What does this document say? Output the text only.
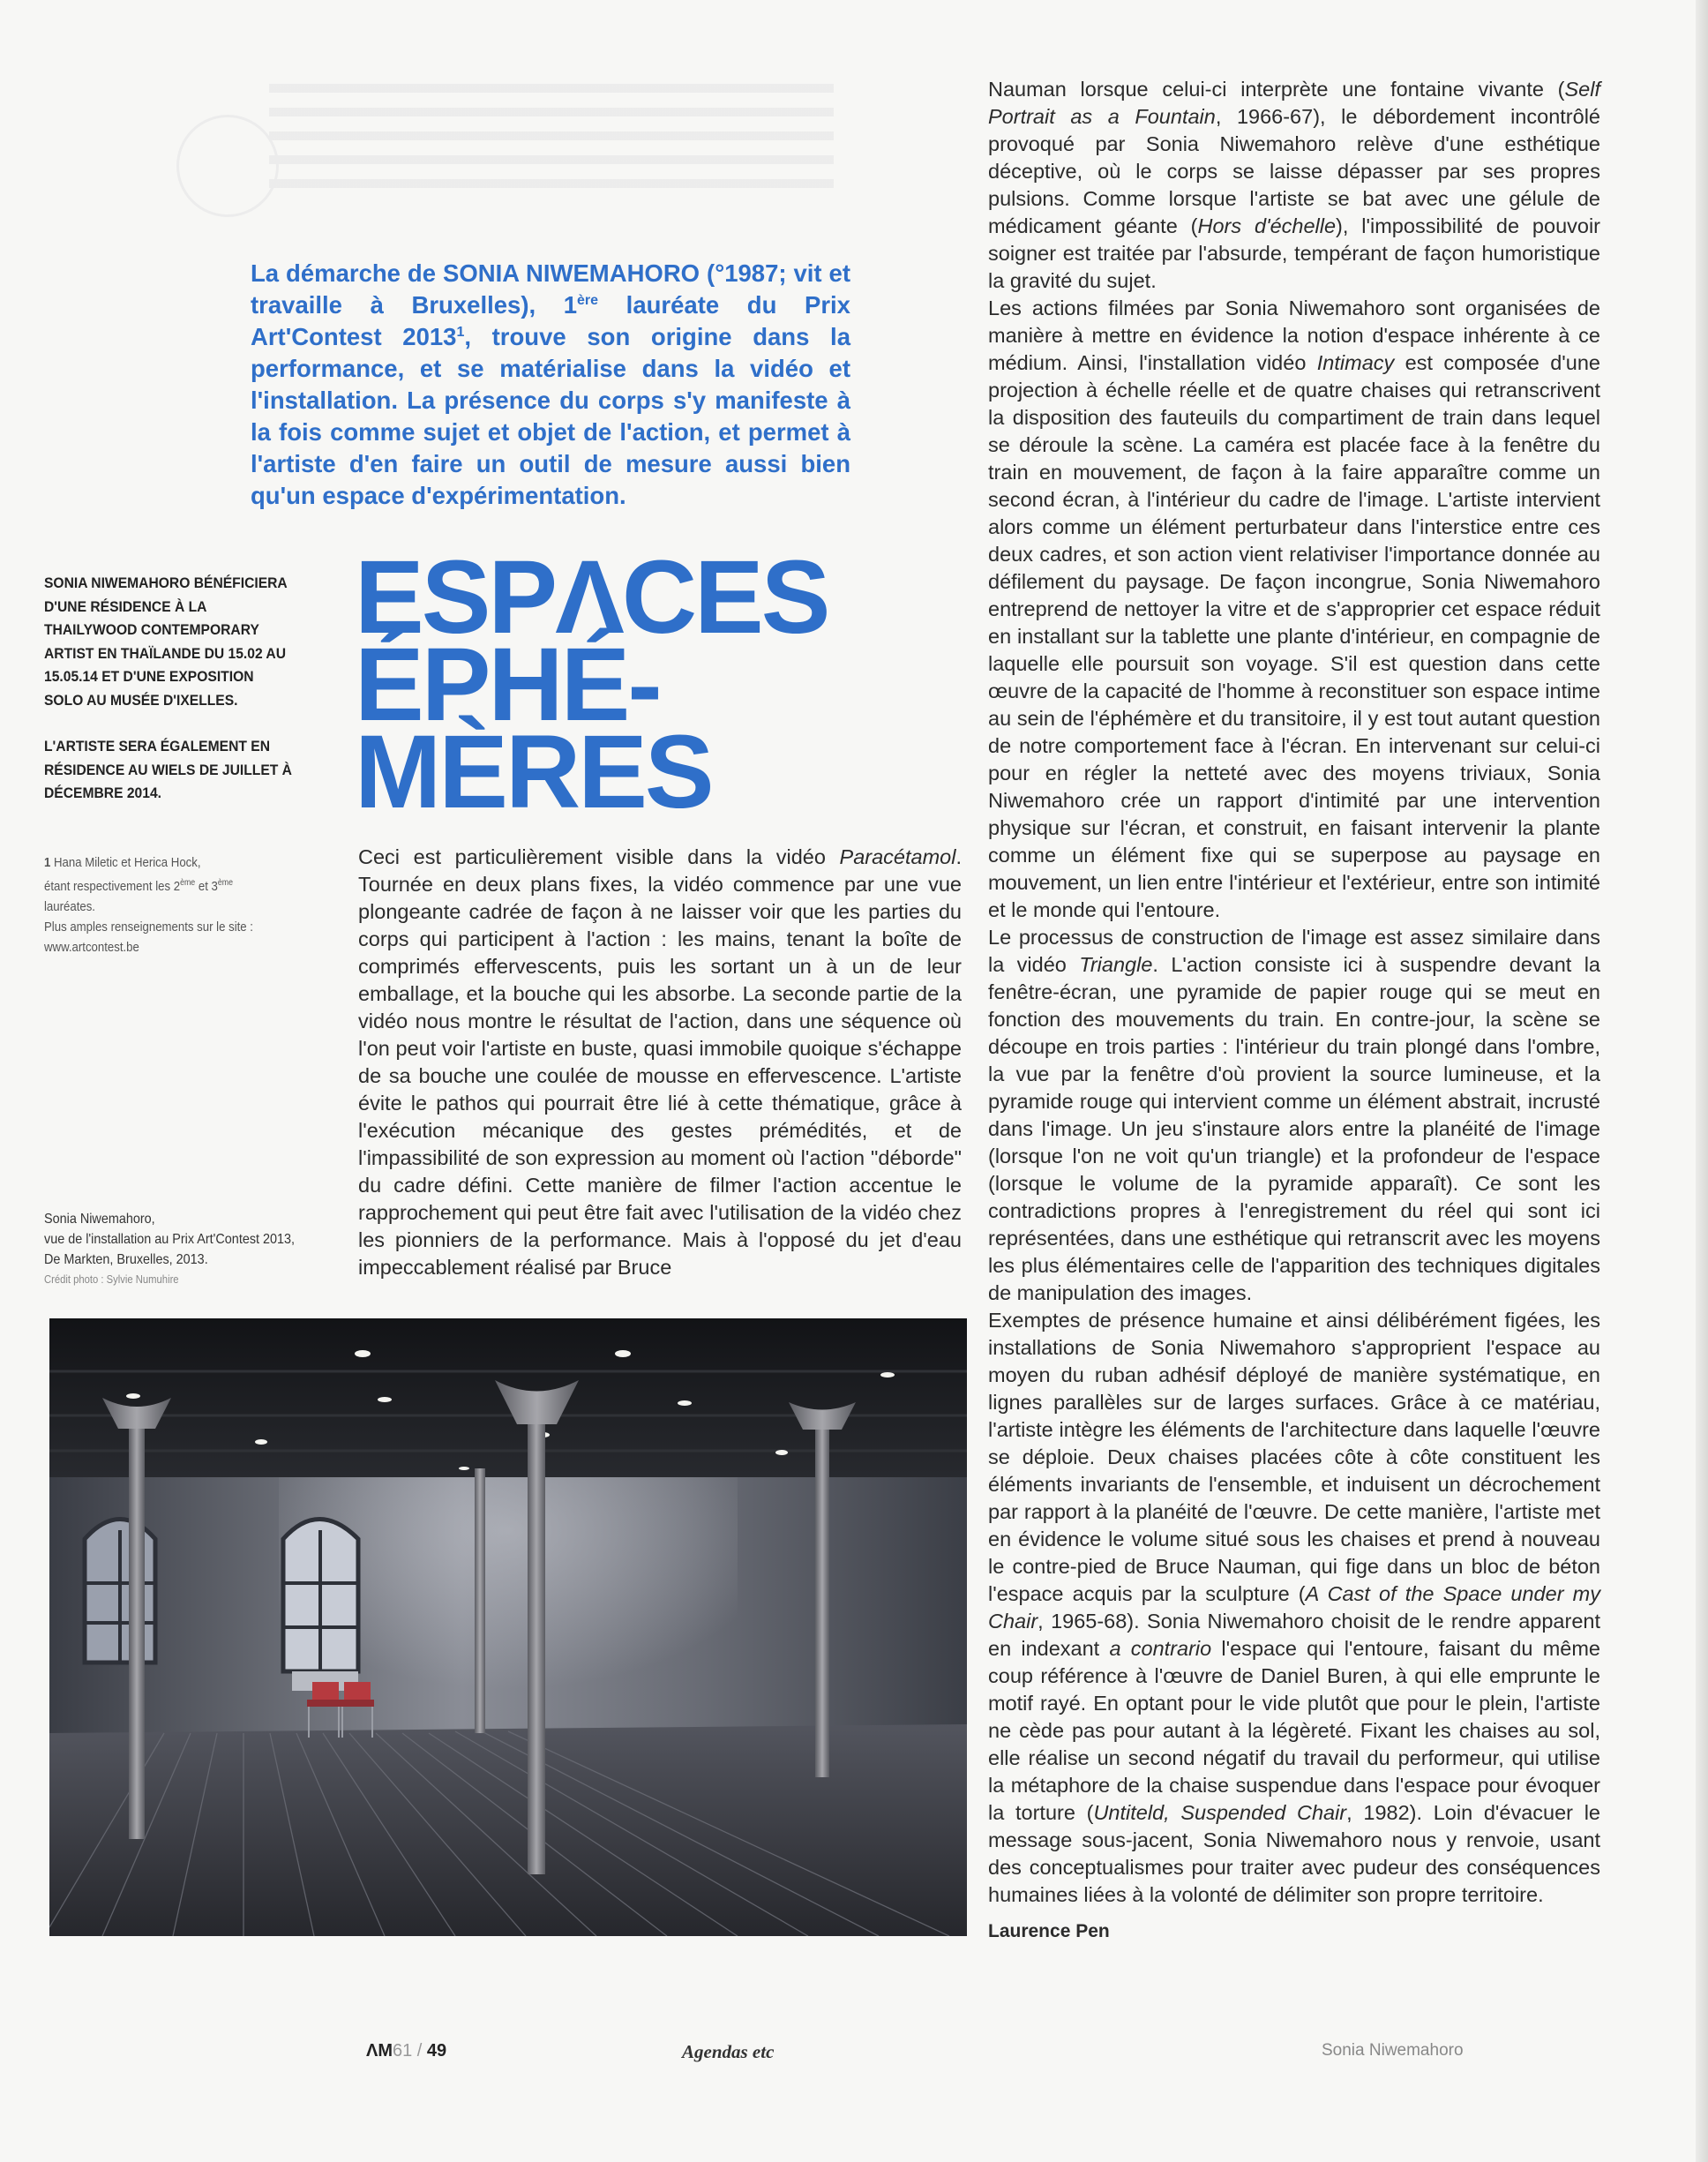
La démarche de SONIA NIWEMAHORO (°1987; vit et travaille à Bruxelles), 1ère lauréate du Prix Art'Contest 2013$^1$, trouve son origine dans la performance, et se matérialise dans la vidéo et l'installation. La présence du corps s'y manifeste à la fois comme sujet et objet de l'action, et permet à l'artiste d'en faire un outil de mesure aussi bien qu'un espace d'expérimentation.

SONIA NIWEMAHORO BÉNÉFICIERA D'UNE RÉSIDENCE À LA THAILYWOOD CONTEMPORARY ARTIST EN THAÏLANDE DU 15.02 AU 15.05.14 ET D'UNE EXPOSITION SOLO AU MUSÉE D'IXELLES.

L'ARTISTE SERA ÉGALEMENT EN RÉSIDENCE AU WIELS DE JUILLET À DÉCEMBRE 2014.

1 Hana Miletic et Herica Hock,

étant respectivement les 2ème et 3ème

lauréates.

Plus amples renseignements sur le site :

www.artcontest.be

ESPΛCES
ÉPHÉ-
MÈRES

Ceci est particulièrement visible dans la vidéo Paracétamol. Tournée en deux plans fixes, la vidéo commence par une vue plongeante cadrée de façon à ne laisser voir que les parties du corps qui participent à l'action : les mains, tenant la boîte de comprimés effervescents, puis les sortant un à un de leur emballage, et la bouche qui les absorbe. La seconde partie de la vidéo nous montre le résultat de l'action, dans une séquence où l'on peut voir l'artiste en buste, quasi immobile quoique s'échappe de sa bouche une coulée de mousse en effervescence. L'artiste évite le pathos qui pourrait être lié à cette thématique, grâce à l'exécution mécanique des gestes prémédités, et de l'impassibilité de son expression au moment où l'action "déborde" du cadre défini. Cette manière de filmer l'action accentue le rapprochement qui peut être fait avec l'utilisation de la vidéo chez les pionniers de la performance. Mais à l'opposé du jet d'eau impeccablement réalisé par Bruce

Nauman lorsque celui-ci interprète une fontaine vivante (Self Portrait as a Fountain, 1966-67), le débordement incontrôlé provoqué par Sonia Niwemahoro relève d'une esthétique déceptive, où le corps se laisse dépasser par ses propres pulsions. Comme lorsque l'artiste se bat avec une gélule de médicament géante (Hors d'échelle), l'impossibilité de pouvoir soigner est traitée par l'absurde, tempérant de façon humoristique la gravité du sujet.

Les actions filmées par Sonia Niwemahoro sont organisées de manière à mettre en évidence la notion d'espace inhérente à ce médium. Ainsi, l'installation vidéo Intimacy est composée d'une projection à échelle réelle et de quatre chaises qui retranscrivent la disposition des fauteuils du compartiment de train dans lequel se déroule la scène. La caméra est placée face à la fenêtre du train en mouvement, de façon à la faire apparaître comme un second écran, à l'intérieur du cadre de l'image. L'artiste intervient alors comme un élément perturbateur dans l'interstice entre ces deux cadres, et son action vient relativiser l'importance donnée au défilement du paysage. De façon incongrue, Sonia Niwemahoro entreprend de nettoyer la vitre et de s'approprier cet espace réduit en installant sur la tablette une plante d'intérieur, en compagnie de laquelle elle poursuit son voyage. S'il est question dans cette œuvre de la capacité de l'homme à reconstituer son espace intime au sein de l'éphémère et du transitoire, il y est tout autant question de notre comportement face à l'écran. En intervenant sur celui-ci pour en régler la netteté avec des moyens triviaux, Sonia Niwemahoro crée un rapport d'intimité par une intervention physique sur l'écran, et construit, en faisant intervenir la plante comme un élément fixe qui se superpose au paysage en mouvement, un lien entre l'intérieur et l'extérieur, entre son intimité et le monde qui l'entoure.

Le processus de construction de l'image est assez similaire dans la vidéo Triangle. L'action consiste ici à suspendre devant la fenêtre-écran, une pyramide de papier rouge qui se meut en fonction des mouvements du train. En contre-jour, la scène se découpe en trois parties : l'intérieur du train plongé dans l'ombre, la vue par la fenêtre d'où provient la source lumineuse, et la pyramide rouge qui intervient comme un élément abstrait, incrusté dans l'image. Un jeu s'instaure alors entre la planéité de l'image (lorsque l'on ne voit qu'un triangle) et la profondeur de l'espace (lorsque le volume de la pyramide apparaît). Ce sont les contradictions propres à l'enregistrement du réel qui sont ici représentées, dans une esthétique qui retranscrit avec les moyens les plus élémentaires celle de l'apparition des techniques digitales de manipulation des images.

Exemptes de présence humaine et ainsi délibérément figées, les installations de Sonia Niwemahoro s'approprient l'espace au moyen du ruban adhésif déployé de manière systématique, en lignes parallèles sur de larges surfaces. Grâce à ce matériau, l'artiste intègre les éléments de l'architecture dans laquelle l'œuvre se déploie. Deux chaises placées côte à côte constituent les éléments invariants de l'ensemble, et induisent un décrochement par rapport à la planéité de l'œuvre. De cette manière, l'artiste met en évidence le volume situé sous les chaises et prend à nouveau le contre-pied de Bruce Nauman, qui fige dans un bloc de béton l'espace acquis par la sculpture (A Cast of the Space under my Chair, 1965-68). Sonia Niwemahoro choisit de le rendre apparent en indexant a contrario l'espace qui l'entoure, faisant du même coup référence à l'œuvre de Daniel Buren, à qui elle emprunte le motif rayé. En optant pour le vide plutôt que pour le plein, l'artiste ne cède pas pour autant à la légèreté. Fixant les chaises au sol, elle réalise un second négatif du travail du performeur, qui utilise la métaphore de la chaise suspendue dans l'espace pour évoquer la torture (Untiteld, Suspended Chair, 1982). Loin d'évacuer le message sous-jacent, Sonia Niwemahoro nous y renvoie, usant des conceptualismes pour traiter avec pudeur des conséquences humaines liées à la volonté de délimiter son propre territoire.

Laurence Pen

Sonia Niwemahoro,

vue de l'installation au Prix Art'Contest 2013, De Markten, Bruxelles, 2013.

Crédit photo : Sylvie Numuhire

ΛM61 / 49	Agendas etc	Sonia Niwemahoro
